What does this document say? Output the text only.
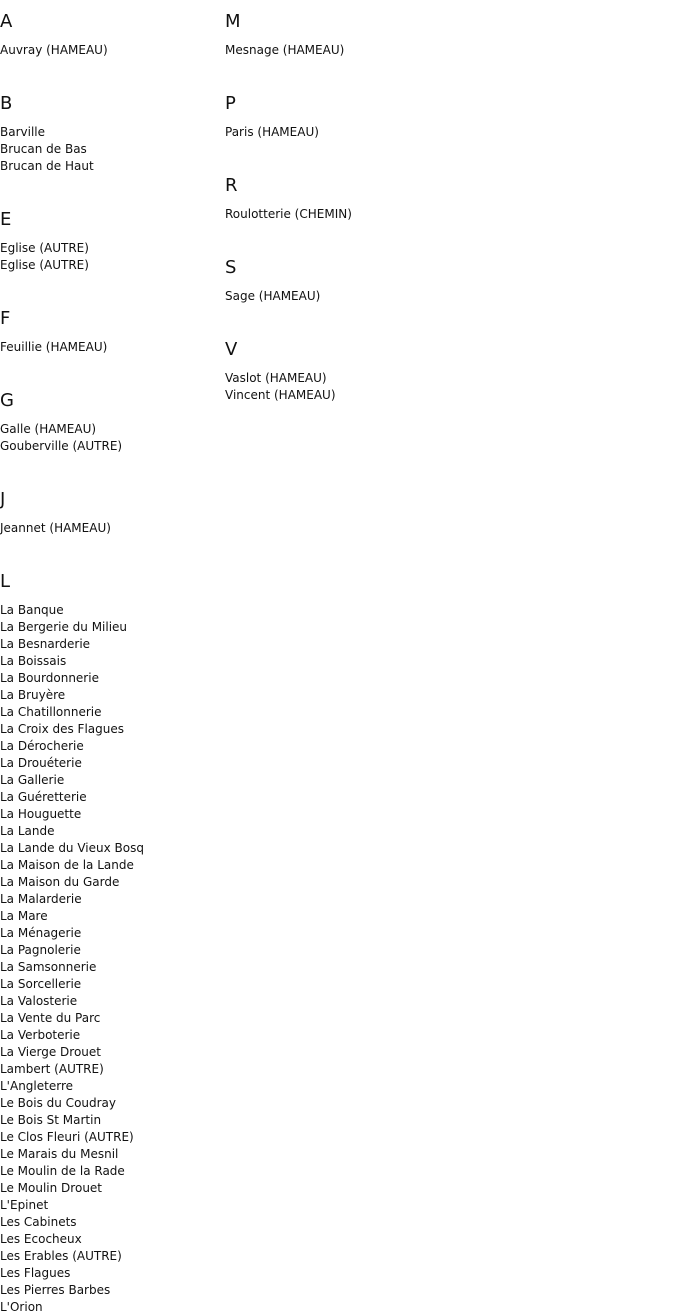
A
Auvray (HAMEAU)
B
Barville
Brucan de Bas
Brucan de Haut
E
Eglise (AUTRE)
Eglise (AUTRE)
F
Feuillie (HAMEAU)
G
Galle (HAMEAU)
Gouberville (AUTRE)
J
Jeannet (HAMEAU)
L
La Banque
La Bergerie du Milieu
La Besnarderie
La Boissais
La Bourdonnerie
La Bruyère
La Chatillonnerie
La Croix des Flagues
La Dérocherie
La Drouéterie
La Gallerie
La Guéretterie
La Houguette
La Lande
La Lande du Vieux Bosq
La Maison de la Lande
La Maison du Garde
La Malarderie
La Mare
La Ménagerie
La Pagnolerie
La Samsonnerie
La Sorcellerie
La Valosterie
La Vente du Parc
La Verboterie
La Vierge Drouet
Lambert (AUTRE)
L'Angleterre
Le Bois du Coudray
Le Bois St Martin
Le Clos Fleuri (AUTRE)
Le Marais du Mesnil
Le Moulin de la Rade
Le Moulin Drouet
L'Epinet
Les Cabinets
Les Ecocheux
Les Erables (AUTRE)
Les Flagues
Les Pierres Barbes
L'Orion
M
Mesnage (HAMEAU)
P
Paris (HAMEAU)
R
Roulotterie (CHEMIN)
S
Sage (HAMEAU)
V
Vaslot (HAMEAU)
Vincent (HAMEAU)
